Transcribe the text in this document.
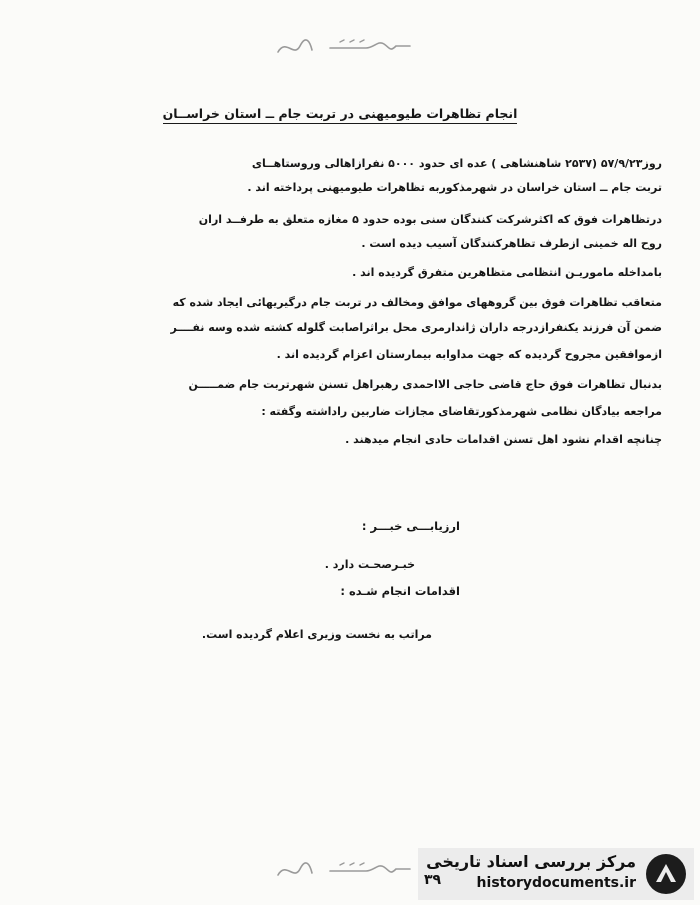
انجام تظاهرات طیومیهنی در تربت جام ــ استان خراســان
روز۵۷/۹/۲۳ (۲۵۳۷ شاهنشاهی ) عده ای حدود ۵۰۰۰ نفرازاهالی وروستاهــای
تربت جام ــ استان خراسان در شهرمذکوربه تظاهرات طیومیهنی پرداخته اند .
درتظاهرات فوق که اکثرشرکت کنندگان سنی بوده حدود ۵ مغازه متعلق به طرفــد اران
روح اله خمینی ازطرف تظاهرکنندگان آسیب دیده است .
بامداخله ماموریـن انتظامی متظاهرین متفرق گردیده اند .
متعاقب تظاهرات فوق بین گروههای موافق ومخالف در تربت جام درگیریهائی ایجاد شده که
ضمن آن فرزند یکنفرازدرجه داران ژاندارمری محل براثراصابت گلوله کشته شده وسه نفــــر
ازموافقین مجروح گردیده که جهت مداوابه بیمارستان اعزام گردیده اند .
بدنبال تظاهرات فوق حاج قاضی حاجی الااحمدی رهبراهل تسنن شهرتربت جام ضمـــــن
مراجعه بیادگان نظامی شهرمذکورتقاضای مجازات ضاربین راداشته وگفته :
چنانچه اقدام نشود اهل تسنن اقدامات حادی انجام میدهند .
ارزیابـــی خبـــر :
خبـرصحـت دارد .
اقدامات انجام شـده :
مراتب به نخست وزیری اعلام گردیده است.
مرکز بررسی اسناد تاریخی
historydocuments.ir
۳۹
